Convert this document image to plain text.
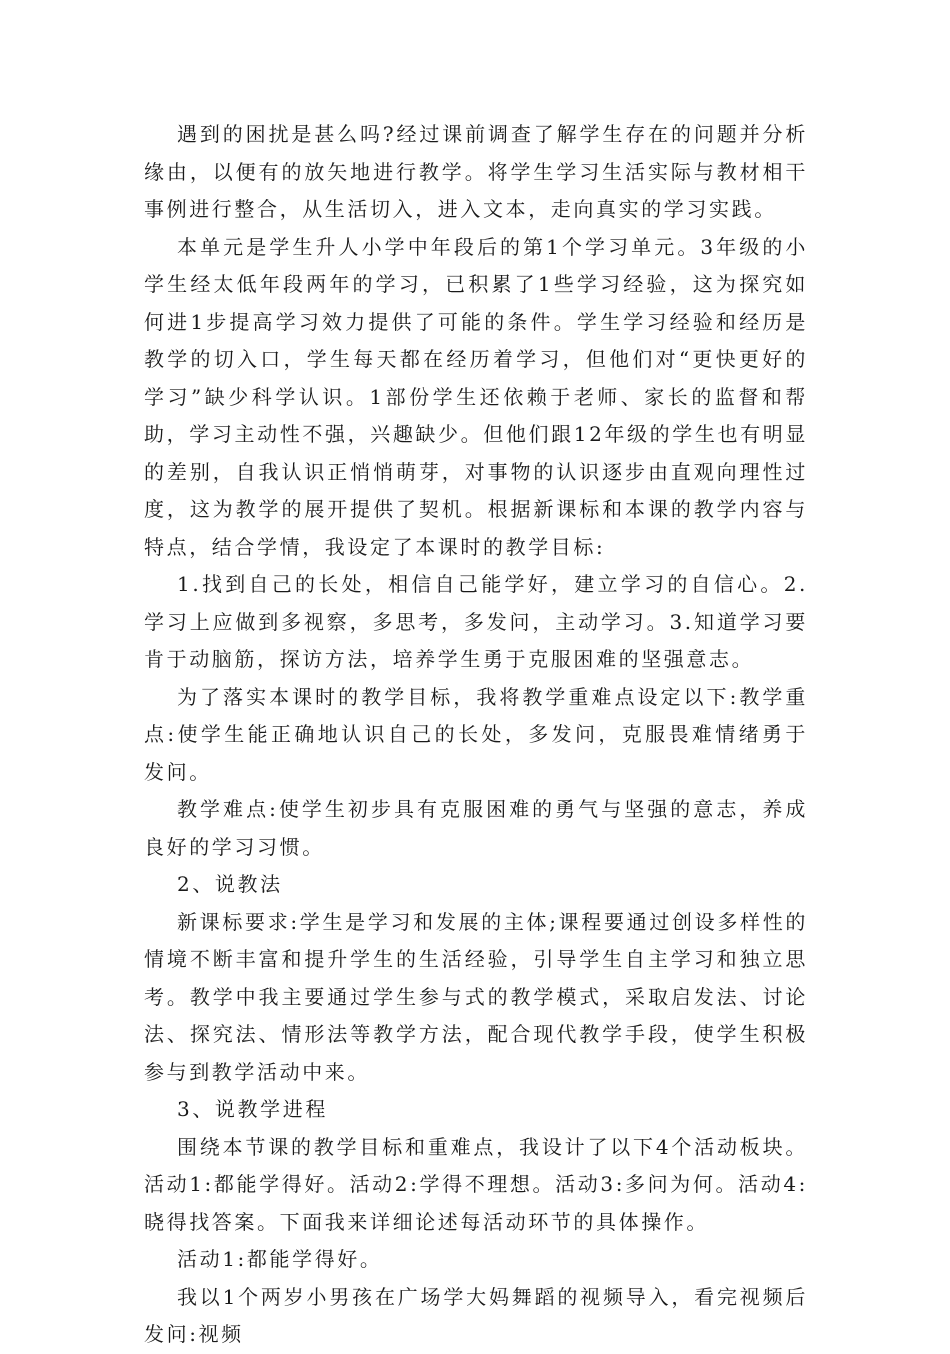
遇到的困扰是甚么吗?经过课前调查了解学生存在的问题并分析缘由，以便有的放矢地进行教学。将学生学习生活实际与教材相干事例进行整合，从生活切入，进入文本，走向真实的学习实践。

本单元是学生升人小学中年段后的第1个学习单元。3年级的小学生经太低年段两年的学习，已积累了1些学习经验，这为探究如何进1步提高学习效力提供了可能的条件。学生学习经验和经历是教学的切入口，学生每天都在经历着学习，但他们对“更快更好的学习”缺少科学认识。1部份学生还依赖于老师、家长的监督和帮助，学习主动性不强，兴趣缺少。但他们跟12年级的学生也有明显的差别，自我认识正悄悄萌芽，对事物的认识逐步由直观向理性过度，这为教学的展开提供了契机。根据新课标和本课的教学内容与特点，结合学情，我设定了本课时的教学目标:

1.找到自己的长处，相信自己能学好，建立学习的自信心。2.学习上应做到多视察，多思考，多发问，主动学习。3.知道学习要肯于动脑筋，探访方法，培养学生勇于克服困难的坚强意志。

为了落实本课时的教学目标，我将教学重难点设定以下:教学重点:使学生能正确地认识自己的长处，多发问，克服畏难情绪勇于发问。

教学难点:使学生初步具有克服困难的勇气与坚强的意志，养成良好的学习习惯。

2、说教法

新课标要求:学生是学习和发展的主体;课程要通过创设多样性的情境不断丰富和提升学生的生活经验，引导学生自主学习和独立思考。教学中我主要通过学生参与式的教学模式，采取启发法、讨论法、探究法、情形法等教学方法，配合现代教学手段，使学生积极参与到教学活动中来。

3、说教学进程

围绕本节课的教学目标和重难点，我设计了以下4个活动板块。活动1:都能学得好。活动2:学得不理想。活动3:多问为何。活动4:晓得找答案。下面我来详细论述每活动环节的具体操作。

活动1:都能学得好。

我以1个两岁小男孩在广场学大妈舞蹈的视频导入，看完视频后发问:视频
